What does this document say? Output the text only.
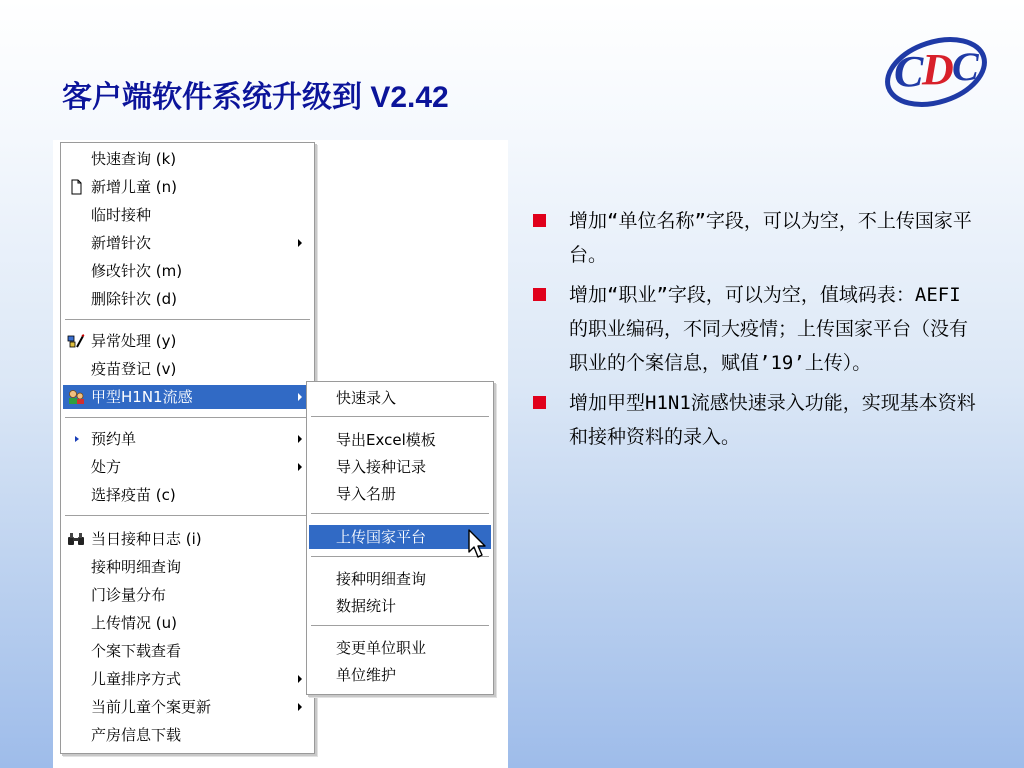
客户端软件系统升级到 V2.42
C
D
C
快速查询 (k)
新增儿童 (n)
临时接种
新增针次
修改针次 (m)
删除针次 (d)
异常处理 (y)
疫苗登记 (v)
甲型H1N1流感
预约单
处方
选择疫苗 (c)
当日接种日志 (i)
接种明细查询
门诊量分布
上传情况 (u)
个案下载查看
儿童排序方式
当前儿童个案更新
产房信息下载
快速录入
导出Excel模板
导入接种记录
导入名册
上传国家平台
接种明细查询
数据统计
变更单位职业
单位维护
增加“单位名称”字段，可以为空，不上传国家平台。
增加“职业”字段，可以为空，值域码表：AEFI的职业编码，不同大疫情；上传国家平台（没有职业的个案信息，赋值’19’上传）。
增加甲型H1N1流感快速录入功能，实现基本资料和接种资料的录入。
